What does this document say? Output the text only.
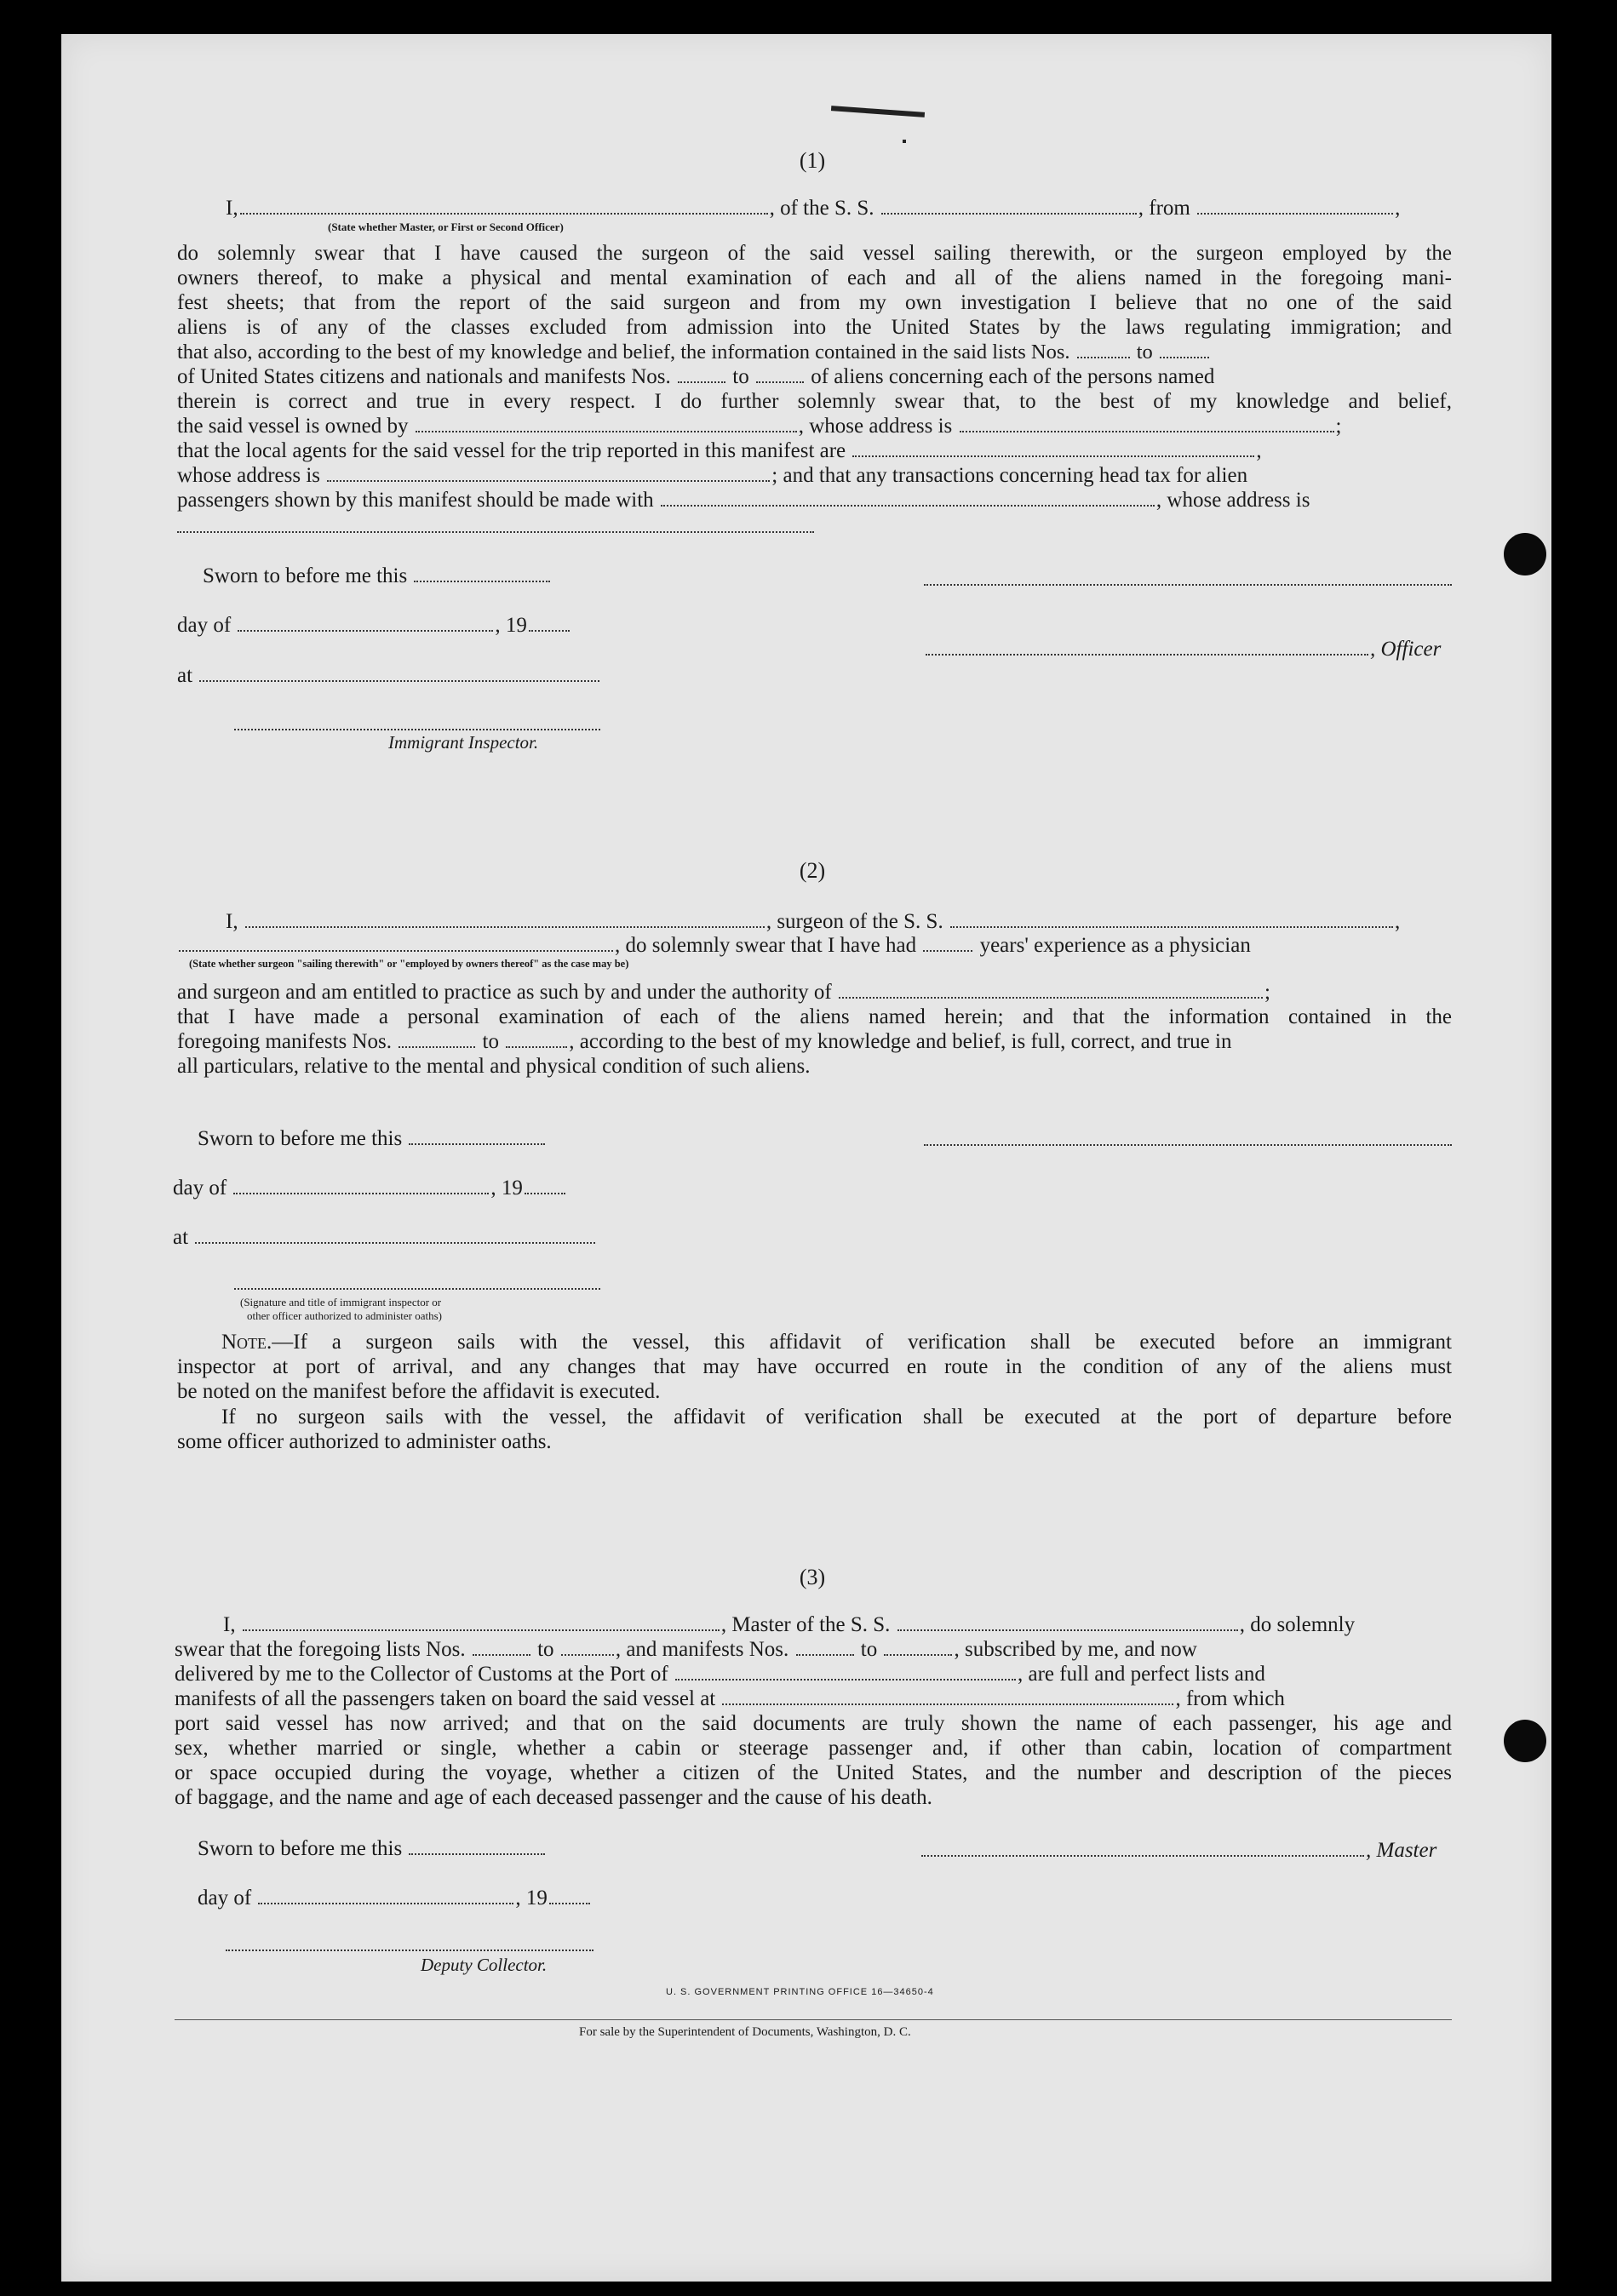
(1)
I,	, of the S. S.	, from	,
(State whether Master, or First or Second Officer)
do solemnly swear that I have caused the surgeon of the said vessel sailing therewith, or the surgeon employed by the
owners thereof, to make a physical and mental examination of each and all of the aliens named in the foregoing mani-
fest sheets; that from the report of the said surgeon and from my own investigation I believe that no one of the said
aliens is of any of the classes excluded from admission into the United States by the laws regulating immigration; and
that also, according to the best of my knowledge and belief, the information contained in the said lists Nos.	to
of United States citizens and nationals and manifests Nos.	to	of aliens concerning each of the persons named
therein is correct and true in every respect. I do further solemnly swear that, to the best of my knowledge and belief,
the said vessel is owned by	, whose address is	;
that the local agents for the said vessel for the trip reported in this manifest are	,
whose address is	; and that any transactions concerning head tax for alien
passengers shown by this manifest should be made with	, whose address is
Sworn to before me this
day of	, 19
, Officer
at
Immigrant Inspector.
(2)
I,	, surgeon of the S. S.	,
, do solemnly swear that I have had	years' experience as a physician
(State whether surgeon "sailing therewith" or "employed by owners thereof" as the case may be)
and surgeon and am entitled to practice as such by and under the authority of	;
that I have made a personal examination of each of the aliens named herein; and that the information contained in the
foregoing manifests Nos.	to	, according to the best of my knowledge and belief, is full, correct, and true in
all particulars, relative to the mental and physical condition of such aliens.
Sworn to before me this
day of	, 19
at
(Signature and title of immigrant inspector or
other officer authorized to administer oaths)
Note.—If a surgeon sails with the vessel, this affidavit of verification shall be executed before an immigrant
inspector at port of arrival, and any changes that may have occurred en route in the condition of any of the aliens must
be noted on the manifest before the affidavit is executed.
If no surgeon sails with the vessel, the affidavit of verification shall be executed at the port of departure before
some officer authorized to administer oaths.
(3)
I,	, Master of the S. S.	, do solemnly
swear that the foregoing lists Nos.	to	, and manifests Nos.	to	, subscribed by me, and now
delivered by me to the Collector of Customs at the Port of	, are full and perfect lists and
manifests of all the passengers taken on board the said vessel at	, from which
port said vessel has now arrived; and that on the said documents are truly shown the name of each passenger, his age and
sex, whether married or single, whether a cabin or steerage passenger and, if other than cabin, location of compartment
or space occupied during the voyage, whether a citizen of the United States, and the number and description of the pieces
of baggage, and the name and age of each deceased passenger and the cause of his death.
Sworn to before me this	, Master
day of	, 19
Deputy Collector.
U. S. GOVERNMENT PRINTING OFFICE 16—34650-4
For sale by the Superintendent of Documents, Washington, D. C.
